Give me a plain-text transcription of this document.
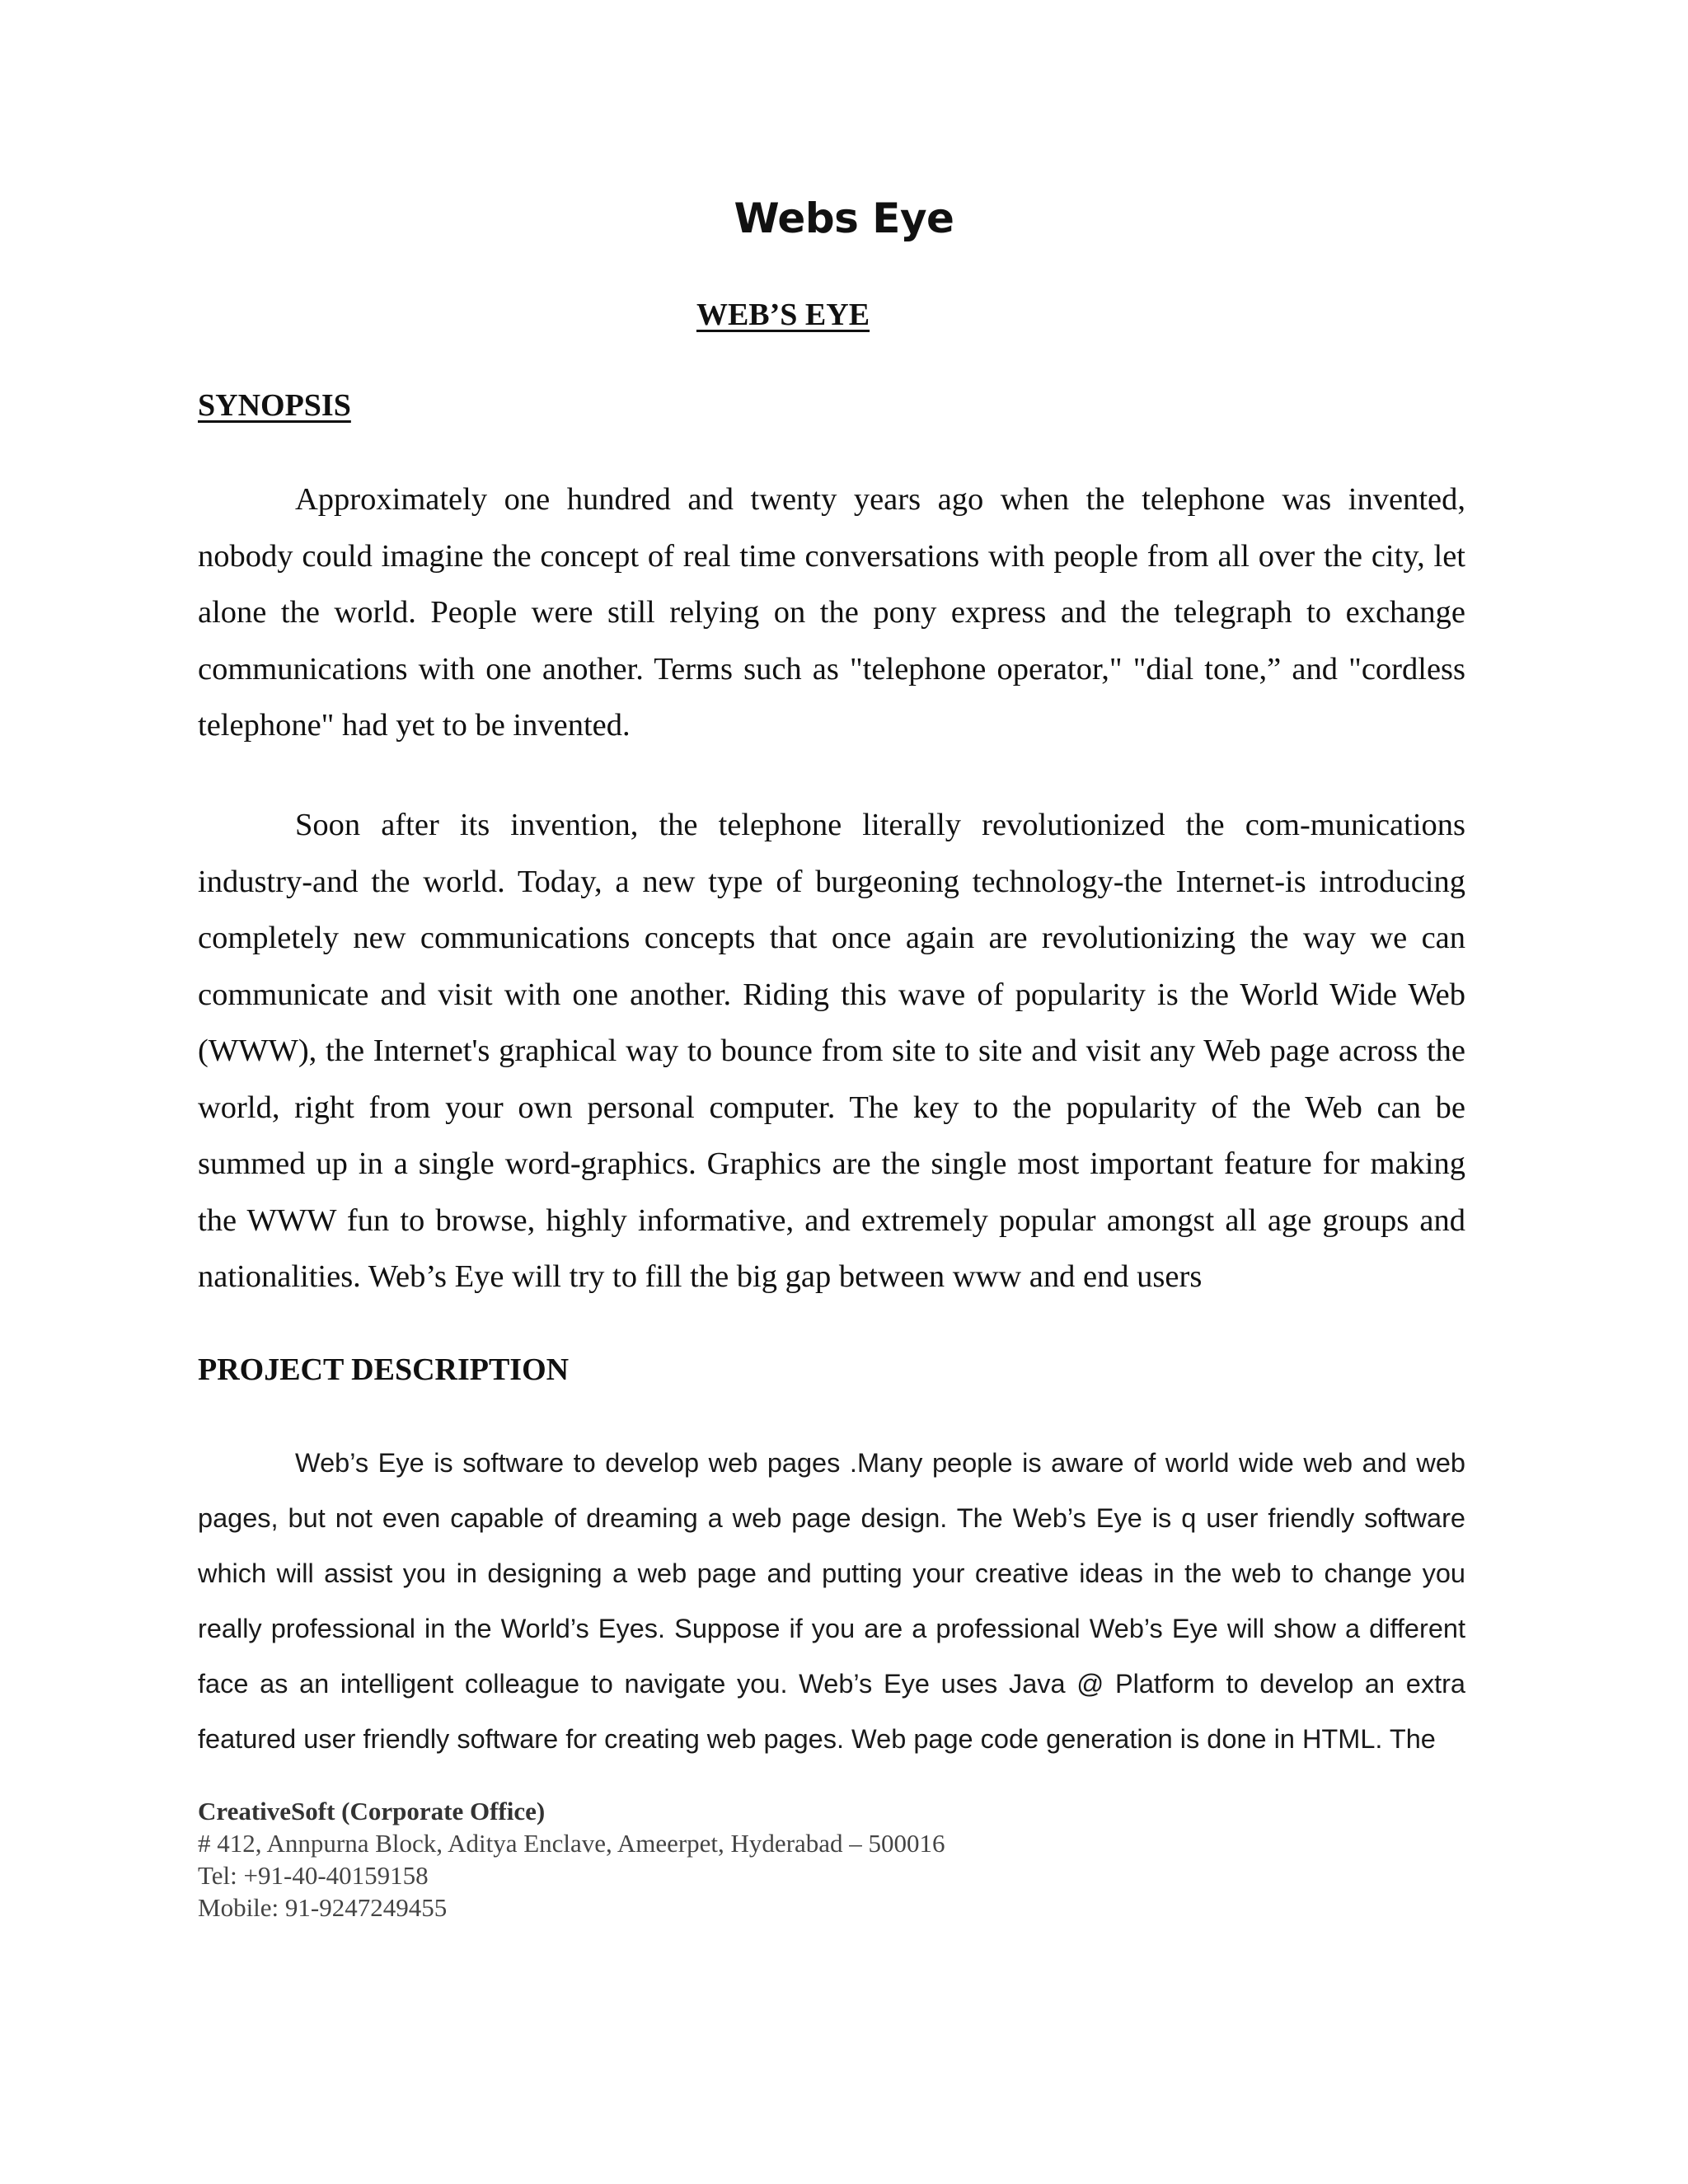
Webs Eye
WEB’S EYE
SYNOPSIS

Approximately one hundred and twenty years ago when the telephone was invented, nobody could imagine the concept of real time conversations with people from all over the city, let alone the world. People were still relying on the pony express and the telegraph to exchange communications with one another. Terms such as "telephone operator," "dial tone,” and "cordless telephone" had yet to be invented.

Soon after its invention, the telephone literally revolutionized the com-munications industry-and the world. Today, a new type of burgeoning technology-the Internet-is introducing completely new communications concepts that once again are revolutionizing the way we can communicate and visit with one another. Riding this wave of popularity is the World Wide Web (WWW), the Internet's graphical way to bounce from site to site and visit any Web page across the world, right from your own personal computer. The key to the popularity of the Web can be summed up in a single word-graphics. Graphics are the single most important feature for making the WWW fun to browse, highly informative, and extremely popular amongst all age groups and nationalities. Web’s Eye will try to fill the big gap between www and end users

PROJECT DESCRIPTION

Web’s Eye is software to develop web pages .Many people is aware of world wide web and web pages, but not even capable of dreaming a web page design. The Web’s Eye is q user friendly software which will assist you in designing a web page and putting your creative ideas in the web to change you really professional in the World’s Eyes. Suppose if you are a professional Web’s Eye will show a different face as an intelligent colleague to navigate you. Web’s Eye uses Java @ Platform to develop an extra featured user friendly software for creating web pages. Web page code generation is done in HTML. The

CreativeSoft (Corporate Office)
# 412, Annpurna Block, Aditya Enclave, Ameerpet, Hyderabad – 500016
Tel: +91-40-40159158
Mobile: 91-9247249455
